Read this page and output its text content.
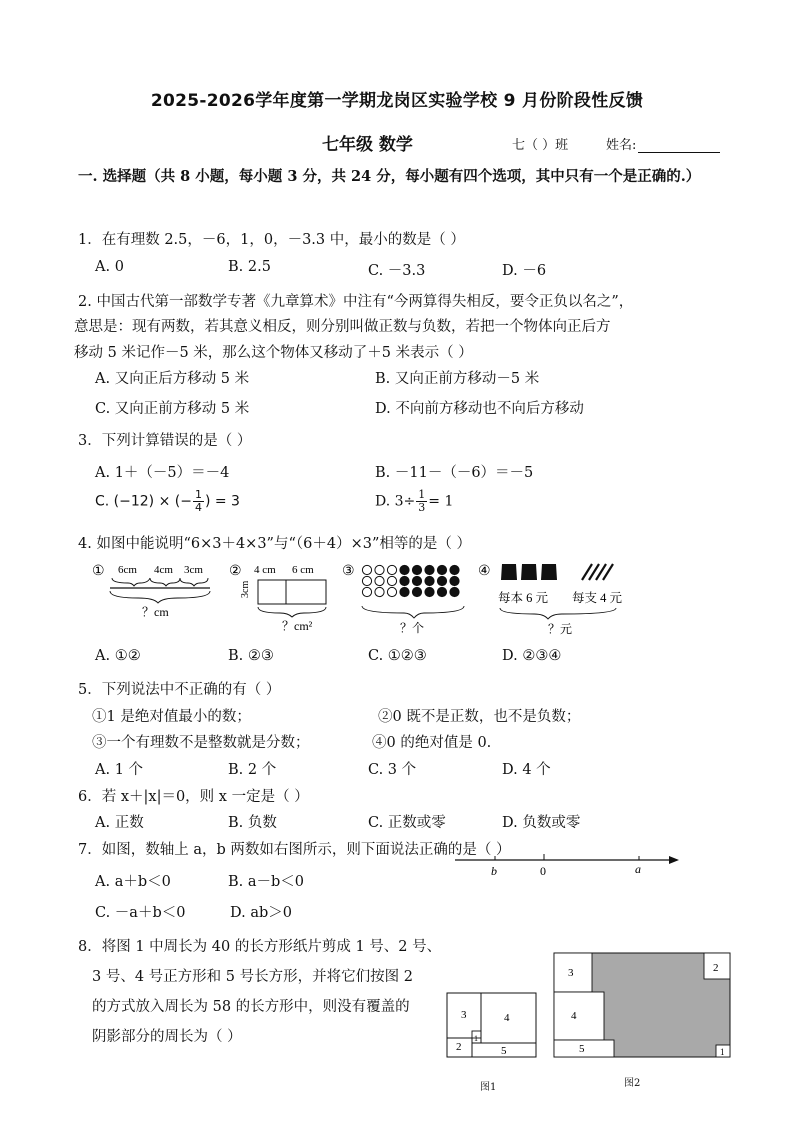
2025-2026学年度第一学期龙岗区实验学校 9 月份阶段性反馈
七年级 数学	七（ ）班	姓名:
一. 选择题（共 8 小题，每小题 3 分，共 24 分，每小题有四个选项，其中只有一个是正确的.）
1．在有理数 2.5，－6，1，0，－3.3 中，最小的数是（ ）
A. 0	B. 2.5	C. －3.3	D. －6
2. 中国古代第一部数学专著《九章算术》中注有“今两算得失相反，要令正负以名之”，
意思是：现有两数，若其意义相反，则分别叫做正数与负数，若把一个物体向正后方
移动 5 米记作－5 米，那么这个物体又移动了＋5 米表示（ ）
A. 又向正后方移动 5 米	B. 又向正前方移动－5 米
C. 又向正前方移动 5 米	D. 不向前方移动也不向后方移动
3．下列计算错误的是（ ）
A. 1＋（－5）＝－4	B. －11－（－6）＝－5
C. (−12) × (− $\frac{1}{4}$ ) = 3	D. $3\div \frac{1}{3} = 1$
4. 如图中能说明“6×3＋4×3”与“（6＋4）×3”相等的是（ ）
① 6cm 4cm 3cm
？cm
② 4 cm 6 cm
3cm
？cm²
③
？个
④
每本 6 元 每支 4 元
？元
A. ①②	B. ②③	C. ①②③	D. ②③④
5．下列说法中不正确的有（ ）
①1 是绝对值最小的数；	②0 既不是正数，也不是负数；
③一个有理数不是整数就是分数；	④0 的绝对值是 0.
A. 1 个	B. 2 个	C. 3 个	D. 4 个
6．若 x＋|x|＝0，则 x 一定是（ ）
A. 正数	B. 负数	C. 正数或零	D. 负数或零
7．如图，数轴上 a，b 两数如右图所示，则下面说法正确的是（ ）
A. a＋b＜0	B. a－b＜0
C. －a＋b＜0	D. ab＞0
b	0	a
8．将图 1 中周长为 40 的长方形纸片剪成 1 号、2 号、
3 号、4 号正方形和 5 号长方形，并将它们按图 2
的方式放入周长为 58 的长方形中，则没有覆盖的
阴影部分的周长为（ ）
3	4
2
1
5
图1
3
4
5
2
1
图2
